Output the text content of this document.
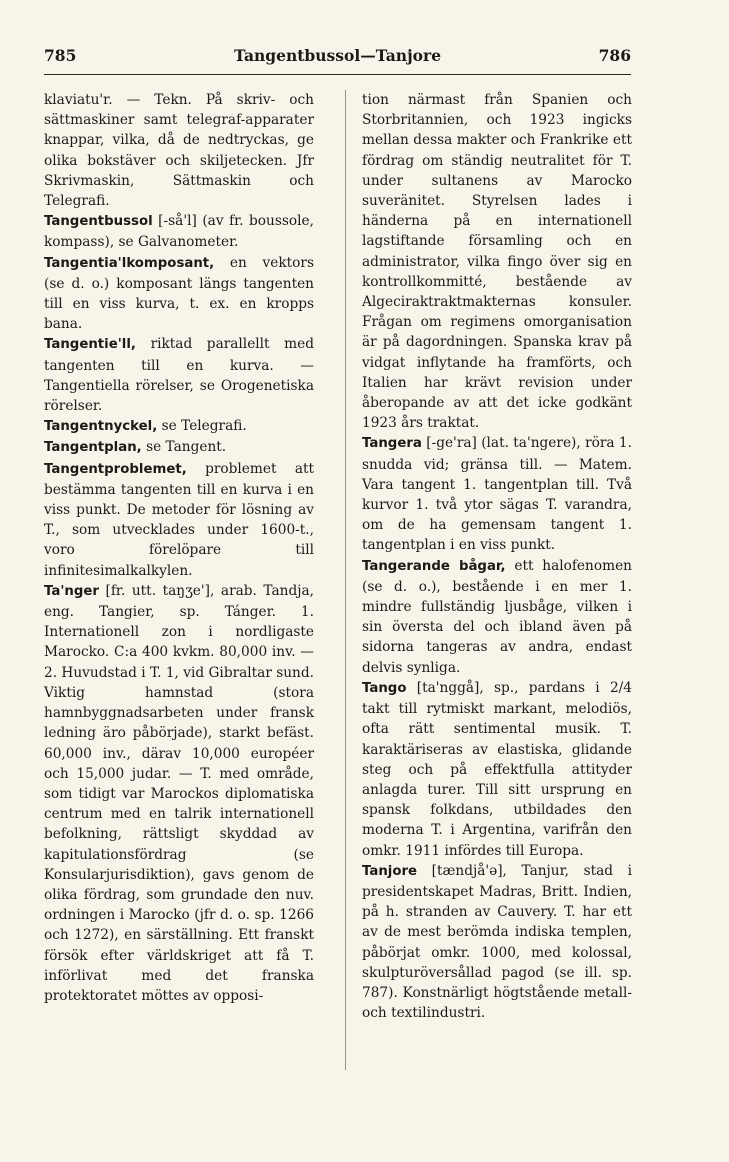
785	Tangentbussol—Tanjore	786

klaviatu'r. — Tekn. På skriv- och sättmaskiner samt telegraf-apparater knappar, vilka, då de nedtryckas, ge olika bokstäver och skiljetecken. Jfr Skrivmaskin, Sättmaskin och Telegrafi.

Tangentbussol [-så'l] (av fr. boussole, kompass), se Galvanometer.

Tangentia'lkomposant, en vektors (se d. o.) komposant längs tangenten till en viss kurva, t. ex. en kropps bana.

Tangentie'll, riktad parallellt med tangenten till en kurva. — Tangentiella rörelser, se Orogenetiska rörelser.

Tangentnyckel, se Telegrafi.

Tangentplan, se Tangent.

Tangentproblemet, problemet att bestämma tangenten till en kurva i en viss punkt. De metoder för lösning av T., som utvecklades under 1600-t., voro förelöpare till infinitesimalkalkylen.

Ta'nger [fr. utt. taŋʒe'], arab. Tandja, eng. Tangier, sp. Tánger. 1. Internationell zon i nordligaste Marocko. C:a 400 kvkm. 80,000 inv. — 2. Huvudstad i T. 1, vid Gibraltar sund. Viktig hamnstad (stora hamnbyggnadsarbeten under fransk ledning äro påbörjade), starkt befäst. 60,000 inv., därav 10,000 européer och 15,000 judar. — T. med område, som tidigt var Marockos diplomatiska centrum med en talrik internationell befolkning, rättsligt skyddad av kapitulationsfördrag (se Konsularjurisdiktion), gavs genom de olika fördrag, som grundade den nuv. ordningen i Marocko (jfr d. o. sp. 1266 och 1272), en särställning. Ett franskt försök efter världskriget att få T. införlivat med det franska protektoratet möttes av opposi-

tion närmast från Spanien och Storbritannien, och 1923 ingicks mellan dessa makter och Frankrike ett fördrag om ständig neutralitet för T. under sultanens av Marocko suveränitet. Styrelsen lades i händerna på en internationell lagstiftande församling och en administrator, vilka fingo över sig en kontrollkommitté, bestående av Algeciraktraktmakternas konsuler. Frågan om regimens omorganisation är på dagordningen. Spanska krav på vidgat inflytande ha framförts, och Italien har krävt revision under åberopande av att det icke godkänt 1923 års traktat.

Tangera [-ge'ra] (lat. ta'ngere), röra 1. snudda vid; gränsa till. — Matem. Vara tangent 1. tangentplan till. Två kurvor 1. två ytor sägas T. varandra, om de ha gemensam tangent 1. tangentplan i en viss punkt.

Tangerande bågar, ett halofenomen (se d. o.), bestående i en mer 1. mindre fullständig ljusbåge, vilken i sin översta del och ibland även på sidorna tangeras av andra, endast delvis synliga.

Tango [ta'nggå], sp., pardans i 2/4 takt till rytmiskt markant, melodiös, ofta rätt sentimental musik. T. karaktäriseras av elastiska, glidande steg och på effektfulla attityder anlagda turer. Till sitt ursprung en spansk folkdans, utbildades den moderna T. i Argentina, varifrån den omkr. 1911 infördes till Europa.

Tanjore [tændjå'ə], Tanjur, stad i presidentskapet Madras, Britt. Indien, på h. stranden av Cauvery. T. har ett av de mest berömda indiska templen, påbörjat omkr. 1000, med kolossal, skulpturöversållad pagod (se ill. sp. 787). Konstnärligt högtstående metall- och textilindustri.
